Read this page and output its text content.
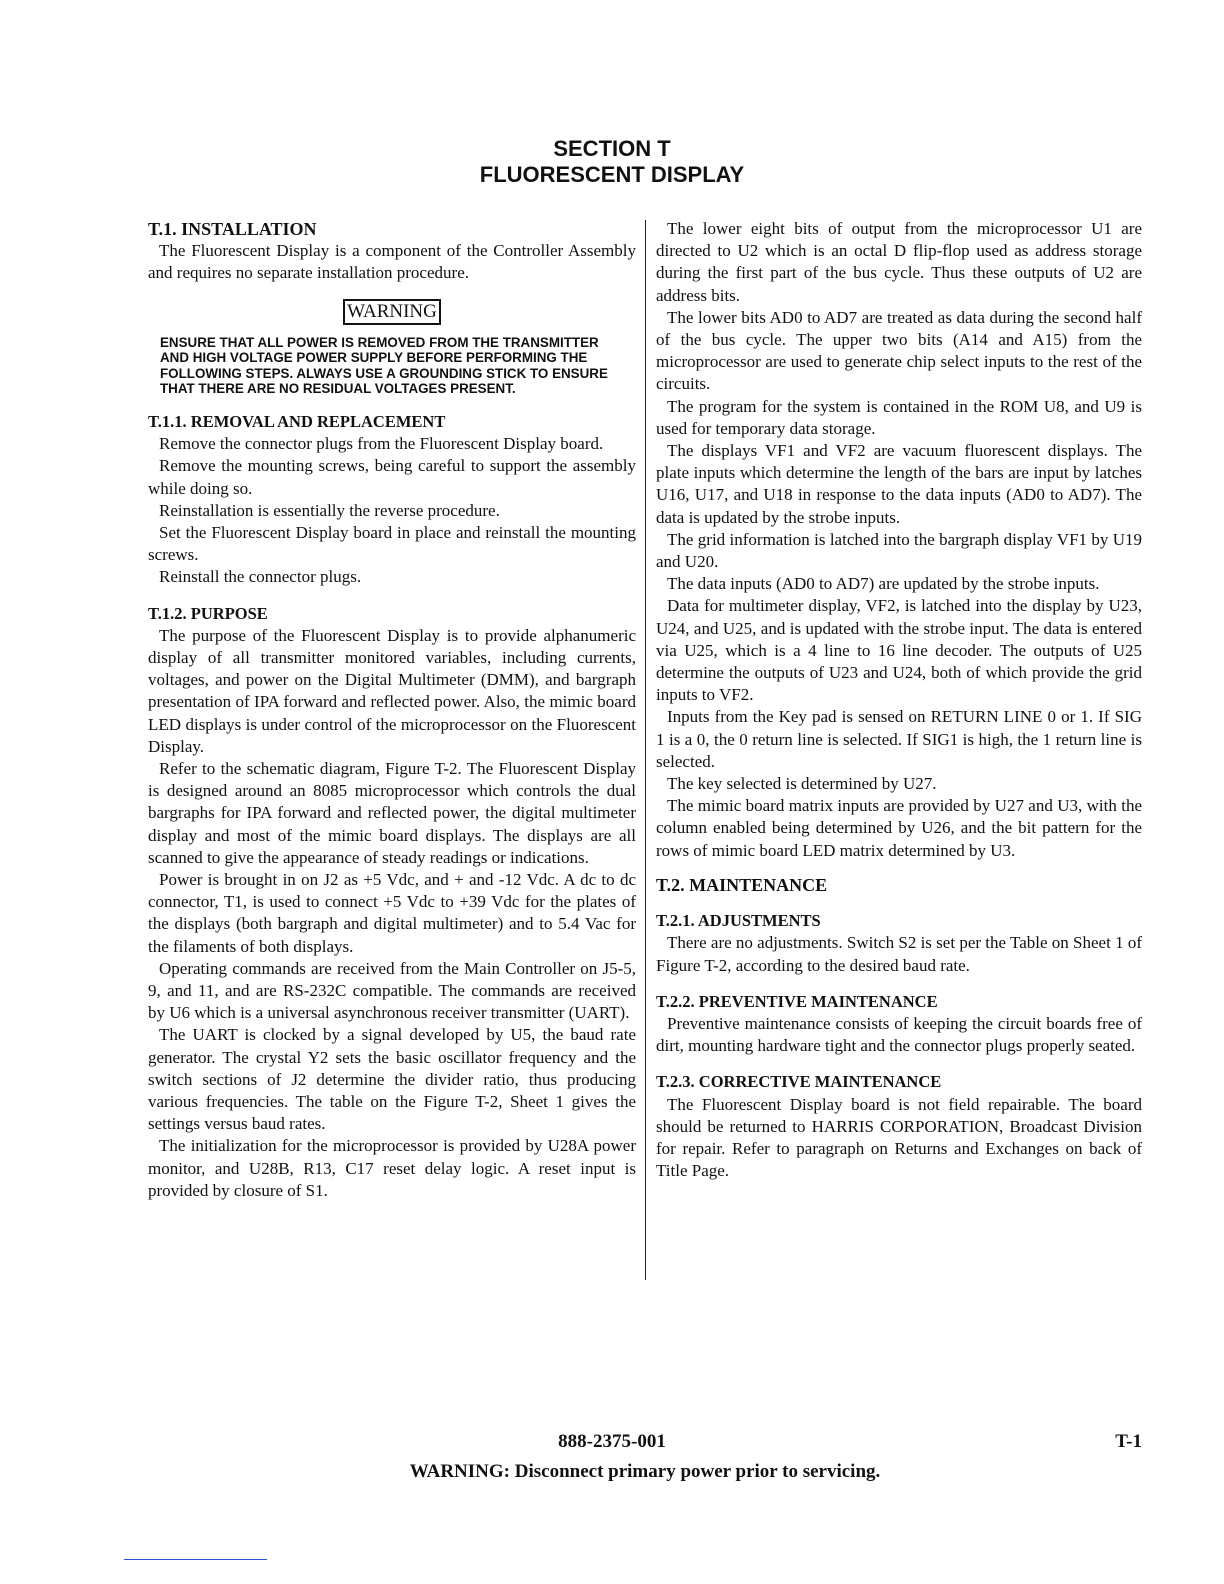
SECTION T
FLUORESCENT DISPLAY
T.1. INSTALLATION

The Fluorescent Display is a component of the Controller Assembly and requires no separate installation procedure.

WARNING
ENSURE THAT ALL POWER IS REMOVED FROM THE TRANSMITTER AND HIGH VOLTAGE POWER SUPPLY BEFORE PERFORMING THE FOLLOWING STEPS. ALWAYS USE A GROUNDING STICK TO ENSURE THAT THERE ARE NO RESIDUAL VOLTAGES PRESENT.
T.1.1. REMOVAL AND REPLACEMENT

Remove the connector plugs from the Fluorescent Display board.

Remove the mounting screws, being careful to support the assembly while doing so.

Reinstallation is essentially the reverse procedure.

Set the Fluorescent Display board in place and reinstall the mounting screws.

Reinstall the connector plugs.

T.1.2. PURPOSE

The purpose of the Fluorescent Display is to provide alphanumeric display of all transmitter monitored variables, including currents, voltages, and power on the Digital Multimeter (DMM), and bargraph presentation of IPA forward and reflected power. Also, the mimic board LED displays is under control of the microprocessor on the Fluorescent Display.

Refer to the schematic diagram, Figure T-2. The Fluorescent Display is designed around an 8085 microprocessor which controls the dual bargraphs for IPA forward and reflected power, the digital multimeter display and most of the mimic board displays. The displays are all scanned to give the appearance of steady readings or indications.

Power is brought in on J2 as +5 Vdc, and + and -12 Vdc. A dc to dc connector, T1, is used to connect +5 Vdc to +39 Vdc for the plates of the displays (both bargraph and digital multimeter) and to 5.4 Vac for the filaments of both displays.

Operating commands are received from the Main Controller on J5-5, 9, and 11, and are RS-232C compatible. The commands are received by U6 which is a universal asynchronous receiver transmitter (UART).

The UART is clocked by a signal developed by U5, the baud rate generator. The crystal Y2 sets the basic oscillator frequency and the switch sections of J2 determine the divider ratio, thus producing various frequencies. The table on the Figure T-2, Sheet 1 gives the settings versus baud rates.

The initialization for the microprocessor is provided by U28A power monitor, and U28B, R13, C17 reset delay logic. A reset input is provided by closure of S1.

The lower eight bits of output from the microprocessor U1 are directed to U2 which is an octal D flip-flop used as address storage during the first part of the bus cycle. Thus these outputs of U2 are address bits.

The lower bits AD0 to AD7 are treated as data during the second half of the bus cycle. The upper two bits (A14 and A15) from the microprocessor are used to generate chip select inputs to the rest of the circuits.

The program for the system is contained in the ROM U8, and U9 is used for temporary data storage.

The displays VF1 and VF2 are vacuum fluorescent displays. The plate inputs which determine the length of the bars are input by latches U16, U17, and U18 in response to the data inputs (AD0 to AD7). The data is updated by the strobe inputs.

The grid information is latched into the bargraph display VF1 by U19 and U20.

The data inputs (AD0 to AD7) are updated by the strobe inputs.

Data for multimeter display, VF2, is latched into the display by U23, U24, and U25, and is updated with the strobe input. The data is entered via U25, which is a 4 line to 16 line decoder. The outputs of U25 determine the outputs of U23 and U24, both of which provide the grid inputs to VF2.

Inputs from the Key pad is sensed on RETURN LINE 0 or 1. If SIG 1 is a 0, the 0 return line is selected. If SIG1 is high, the 1 return line is selected.

The key selected is determined by U27.

The mimic board matrix inputs are provided by U27 and U3, with the column enabled being determined by U26, and the bit pattern for the rows of mimic board LED matrix determined by U3.

T.2. MAINTENANCE
T.2.1. ADJUSTMENTS

There are no adjustments. Switch S2 is set per the Table on Sheet 1 of Figure T-2, according to the desired baud rate.

T.2.2. PREVENTIVE MAINTENANCE

Preventive maintenance consists of keeping the circuit boards free of dirt, mounting hardware tight and the connector plugs properly seated.

T.2.3. CORRECTIVE MAINTENANCE

The Fluorescent Display board is not field repairable. The board should be returned to HARRIS CORPORATION, Broadcast Division for repair. Refer to paragraph on Returns and Exchanges on back of Title Page.

888-2375-001	T-1
WARNING: Disconnect primary power prior to servicing.
